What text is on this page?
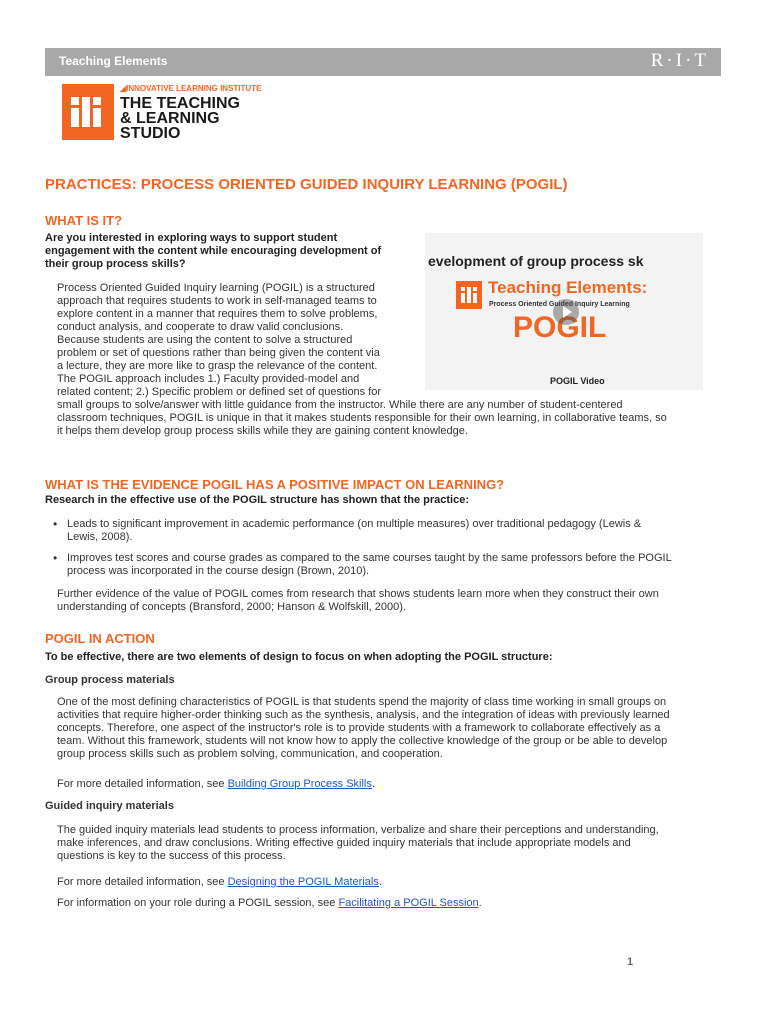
Teaching Elements	R·I·T
◢INNOVATIVE LEARNING INSTITUTE
THE TEACHING
& LEARNING
STUDIO
PRACTICES: PROCESS ORIENTED GUIDED INQUIRY LEARNING (POGIL)
WHAT IS IT?
Are you interested in exploring ways to support student
engagement with the content while encouraging development of
their group process skills?
Process Oriented Guided Inquiry learning (POGIL) is a structured
approach that requires students to work in self-managed teams to
explore content in a manner that requires them to solve problems,
conduct analysis, and cooperate to draw valid conclusions.
Because students are using the content to solve a structured
problem or set of questions rather than being given the content via
a lecture, they are more like to grasp the relevance of the content.
The POGIL approach includes 1.) Faculty provided-model and
related content; 2.) Specific problem or defined set of questions for
small groups to solve/answer with little guidance from the instructor. While there are any number of student-centered
classroom techniques, POGIL is unique in that it makes students responsible for their own learning, in collaborative teams, so
it helps them develop group process skills while they are gaining content knowledge.
evelopment of group process sk
Teaching Elements:
Process Oriented Guided Inquiry Learning
POGIL
POGIL Video
WHAT IS THE EVIDENCE POGIL HAS A POSITIVE IMPACT ON LEARNING?
Research in the effective use of the POGIL structure has shown that the practice:
• Leads to significant improvement in academic performance (on multiple measures) over traditional pedagogy (Lewis &
Lewis, 2008).
• Improves test scores and course grades as compared to the same courses taught by the same professors before the POGIL
process was incorporated in the course design (Brown, 2010).
Further evidence of the value of POGIL comes from research that shows students learn more when they construct their own
understanding of concepts (Bransford, 2000; Hanson & Wolfskill, 2000).
POGIL IN ACTION
To be effective, there are two elements of design to focus on when adopting the POGIL structure:
Group process materials
One of the most defining characteristics of POGIL is that students spend the majority of class time working in small groups on
activities that require higher-order thinking such as the synthesis, analysis, and the integration of ideas with previously learned
concepts. Therefore, one aspect of the instructor's role is to provide students with a framework to collaborate effectively as a
team. Without this framework, students will not know how to apply the collective knowledge of the group or be able to develop
group process skills such as problem solving, communication, and cooperation.
For more detailed information, see Building Group Process Skills.
Guided inquiry materials
The guided inquiry materials lead students to process information, verbalize and share their perceptions and understanding,
make inferences, and draw conclusions. Writing effective guided inquiry materials that include appropriate models and
questions is key to the success of this process.
For more detailed information, see Designing the POGIL Materials.
For information on your role during a POGIL session, see Facilitating a POGIL Session.
1
